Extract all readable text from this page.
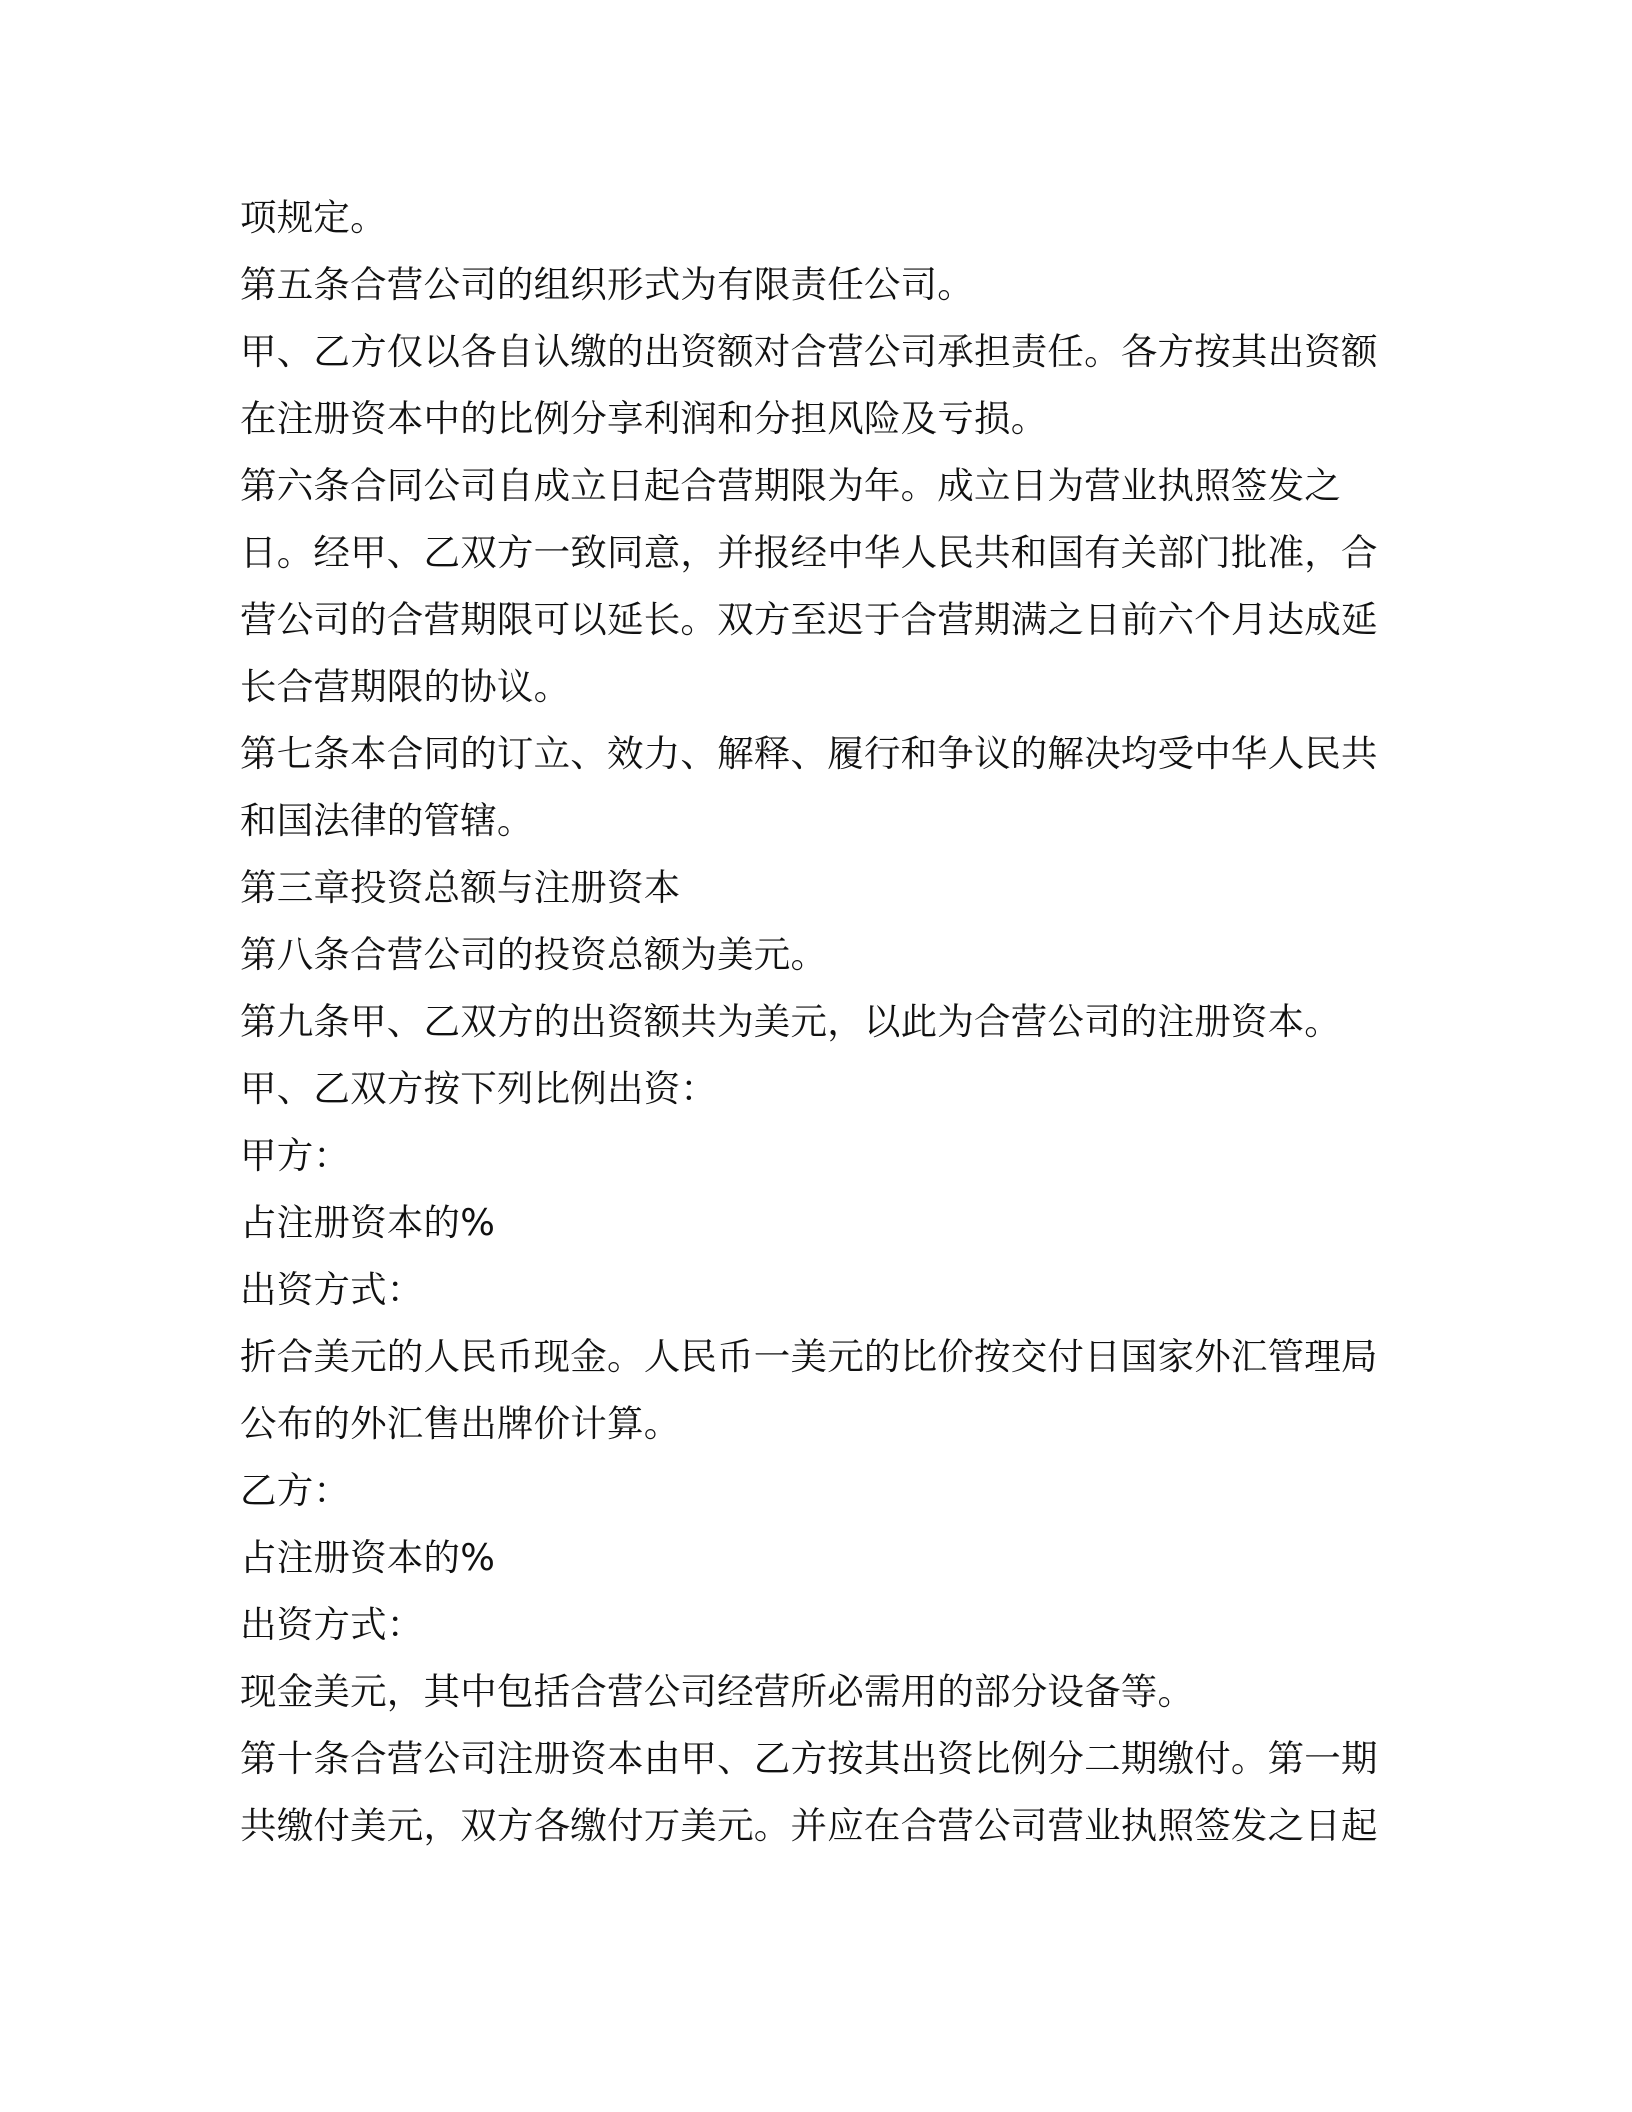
项规定。
第五条合营公司的组织形式为有限责任公司。
甲、乙方仅以各自认缴的出资额对合营公司承担责任。各方按其出资额
在注册资本中的比例分享利润和分担风险及亏损。
第六条合同公司自成立日起合营期限为年。成立日为营业执照签发之
日。经甲、乙双方一致同意，并报经中华人民共和国有关部门批准，合
营公司的合营期限可以延长。双方至迟于合营期满之日前六个月达成延
长合营期限的协议。
第七条本合同的订立、效力、解释、履行和争议的解决均受中华人民共
和国法律的管辖。
第三章投资总额与注册资本
第八条合营公司的投资总额为美元。
第九条甲、乙双方的出资额共为美元，以此为合营公司的注册资本。
甲、乙双方按下列比例出资：
甲方：
占注册资本的%
出资方式：
折合美元的人民币现金。人民币一美元的比价按交付日国家外汇管理局
公布的外汇售出牌价计算。
乙方：
占注册资本的%
出资方式：
现金美元，其中包括合营公司经营所必需用的部分设备等。
第十条合营公司注册资本由甲、乙方按其出资比例分二期缴付。第一期
共缴付美元，双方各缴付万美元。并应在合营公司营业执照签发之日起
